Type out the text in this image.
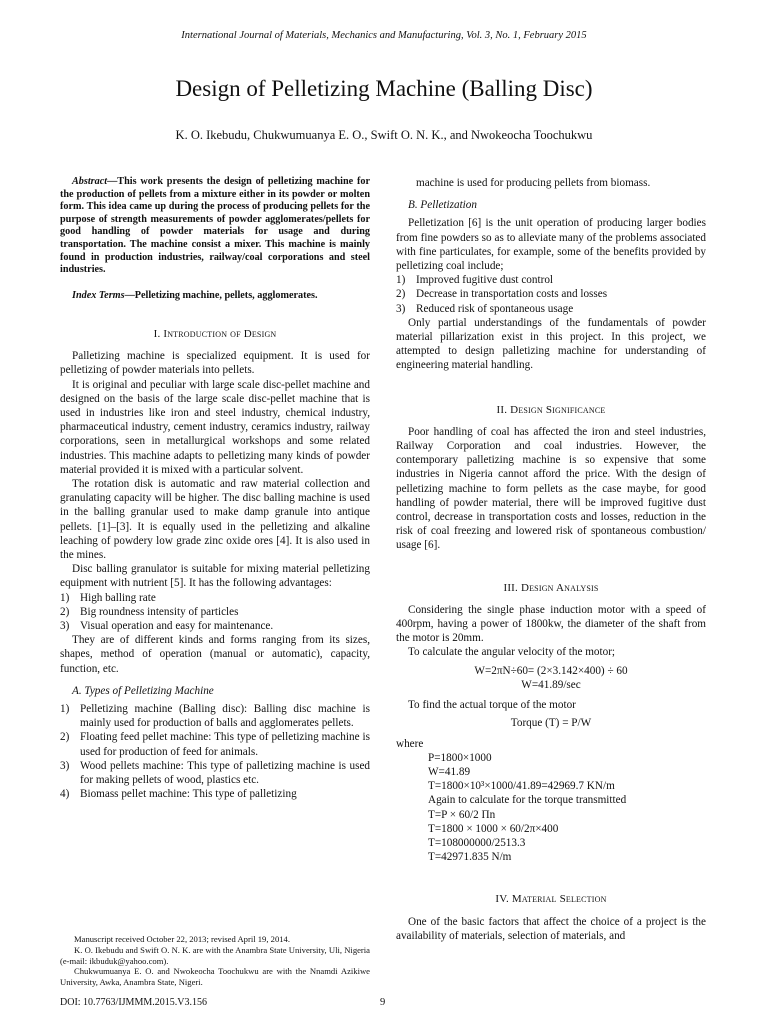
International Journal of Materials, Mechanics and Manufacturing, Vol. 3, No. 1, February 2015
Design of Pelletizing Machine (Balling Disc)
K. O. Ikebudu, Chukwumuanya E. O., Swift O. N. K., and Nwokeocha Toochukwu
Abstract—This work presents the design of pelletizing machine for the production of pellets from a mixture either in its powder or molten form. This idea came up during the process of producing pellets for the purpose of strength measurements of powder agglomerates/pellets for good handling of powder materials for usage and during transportation. The machine consist a mixer. This machine is mainly found in production industries, railway/coal corporations and steel industries.
Index Terms—Pelletizing machine, pellets, agglomerates.
I. Introduction of Design

Palletizing machine is specialized equipment. It is used for pelletizing of powder materials into pellets.

It is original and peculiar with large scale disc-pellet machine and designed on the basis of the large scale disc-pellet machine that is used in industries like iron and steel industry, chemical industry, pharmaceutical industry, cement industry, ceramics industry, railway corporations, seen in metallurgical workshops and some related industries. This machine adapts to pelletizing many kinds of powder material provided it is mixed with a particular solvent.

The rotation disk is automatic and raw material collection and granulating capacity will be higher. The disc balling machine is used in the balling granular used to make damp granule into antique pellets. [1]–[3]. It is equally used in the pelletizing and alkaline leaching of powdery low grade zinc oxide ores [4]. It is also used in the mines.

Disc balling granulator is suitable for mixing material pelletizing equipment with nutrient [5]. It has the following advantages:

1) High balling rate
2) Big roundness intensity of particles
3) Visual operation and easy for maintenance.

They are of different kinds and forms ranging from its sizes, shapes, method of operation (manual or automatic), capacity, function, etc.

A. Types of Pelletizing Machine
1) Pelletizing machine (Balling disc): Balling disc machine is mainly used for production of balls and agglomerates pellets.
2) Floating feed pellet machine: This type of pelletizing machine is used for production of feed for animals.
3) Wood pellets machine: This type of palletizing machine is used for making pellets of wood, plastics etc.
4) Biomass pellet machine: This type of palletizing
Manuscript received October 22, 2013; revised April 19, 2014.
K. O. Ikebudu and Swift O. N. K. are with the Anambra State University, Uli, Nigeria (e-mail: ikbuduk@yahoo.com).
Chukwumuanya E. O. and Nwokeocha Toochukwu are with the Nnamdi Azikiwe University, Awka, Anambra State, Nigeri.

machine is used for producing pellets from biomass.

B. Pelletization

Pelletization [6] is the unit operation of producing larger bodies from fine powders so as to alleviate many of the problems associated with fine particulates, for example, some of the benefits provided by pelletizing coal include;

1) Improved fugitive dust control
2) Decrease in transportation costs and losses
3) Reduced risk of spontaneous usage

Only partial understandings of the fundamentals of powder material pillarization exist in this project. In this project, we attempted to design palletizing machine for understanding of engineering material handling.

II. Design Significance

Poor handling of coal has affected the iron and steel industries, Railway Corporation and coal industries. However, the contemporary palletizing machine is so expensive that some industries in Nigeria cannot afford the price. With the design of pelletizing machine to form pellets as the case maybe, for good handling of powder material, there will be improved fugitive dust control, decrease in transportation costs and losses, reduction in the risk of coal freezing and lowered risk of spontaneous combustion/ usage [6].

III. Design Analysis

Considering the single phase induction motor with a speed of 400rpm, having a power of 1800kw, the diameter of the shaft from the motor is 20mm.

To calculate the angular velocity of the motor;

W=2πN÷60= (2×3.142×400) ÷ 60
W=41.89/sec

To find the actual torque of the motor

Torque (T) = P/W

where

P=1800×1000
W=41.89
T=1800×10³×1000/41.89=42969.7 KN/m
Again to calculate for the torque transmitted
T=P × 60/2 Πn
T=1800 × 1000 × 60/2π×400
T=108000000/2513.3
T=42971.835 N/m
IV. Material Selection

One of the basic factors that affect the choice of a project is the availability of materials, selection of materials, and

DOI: 10.7763/IJMMM.2015.V3.156	9
